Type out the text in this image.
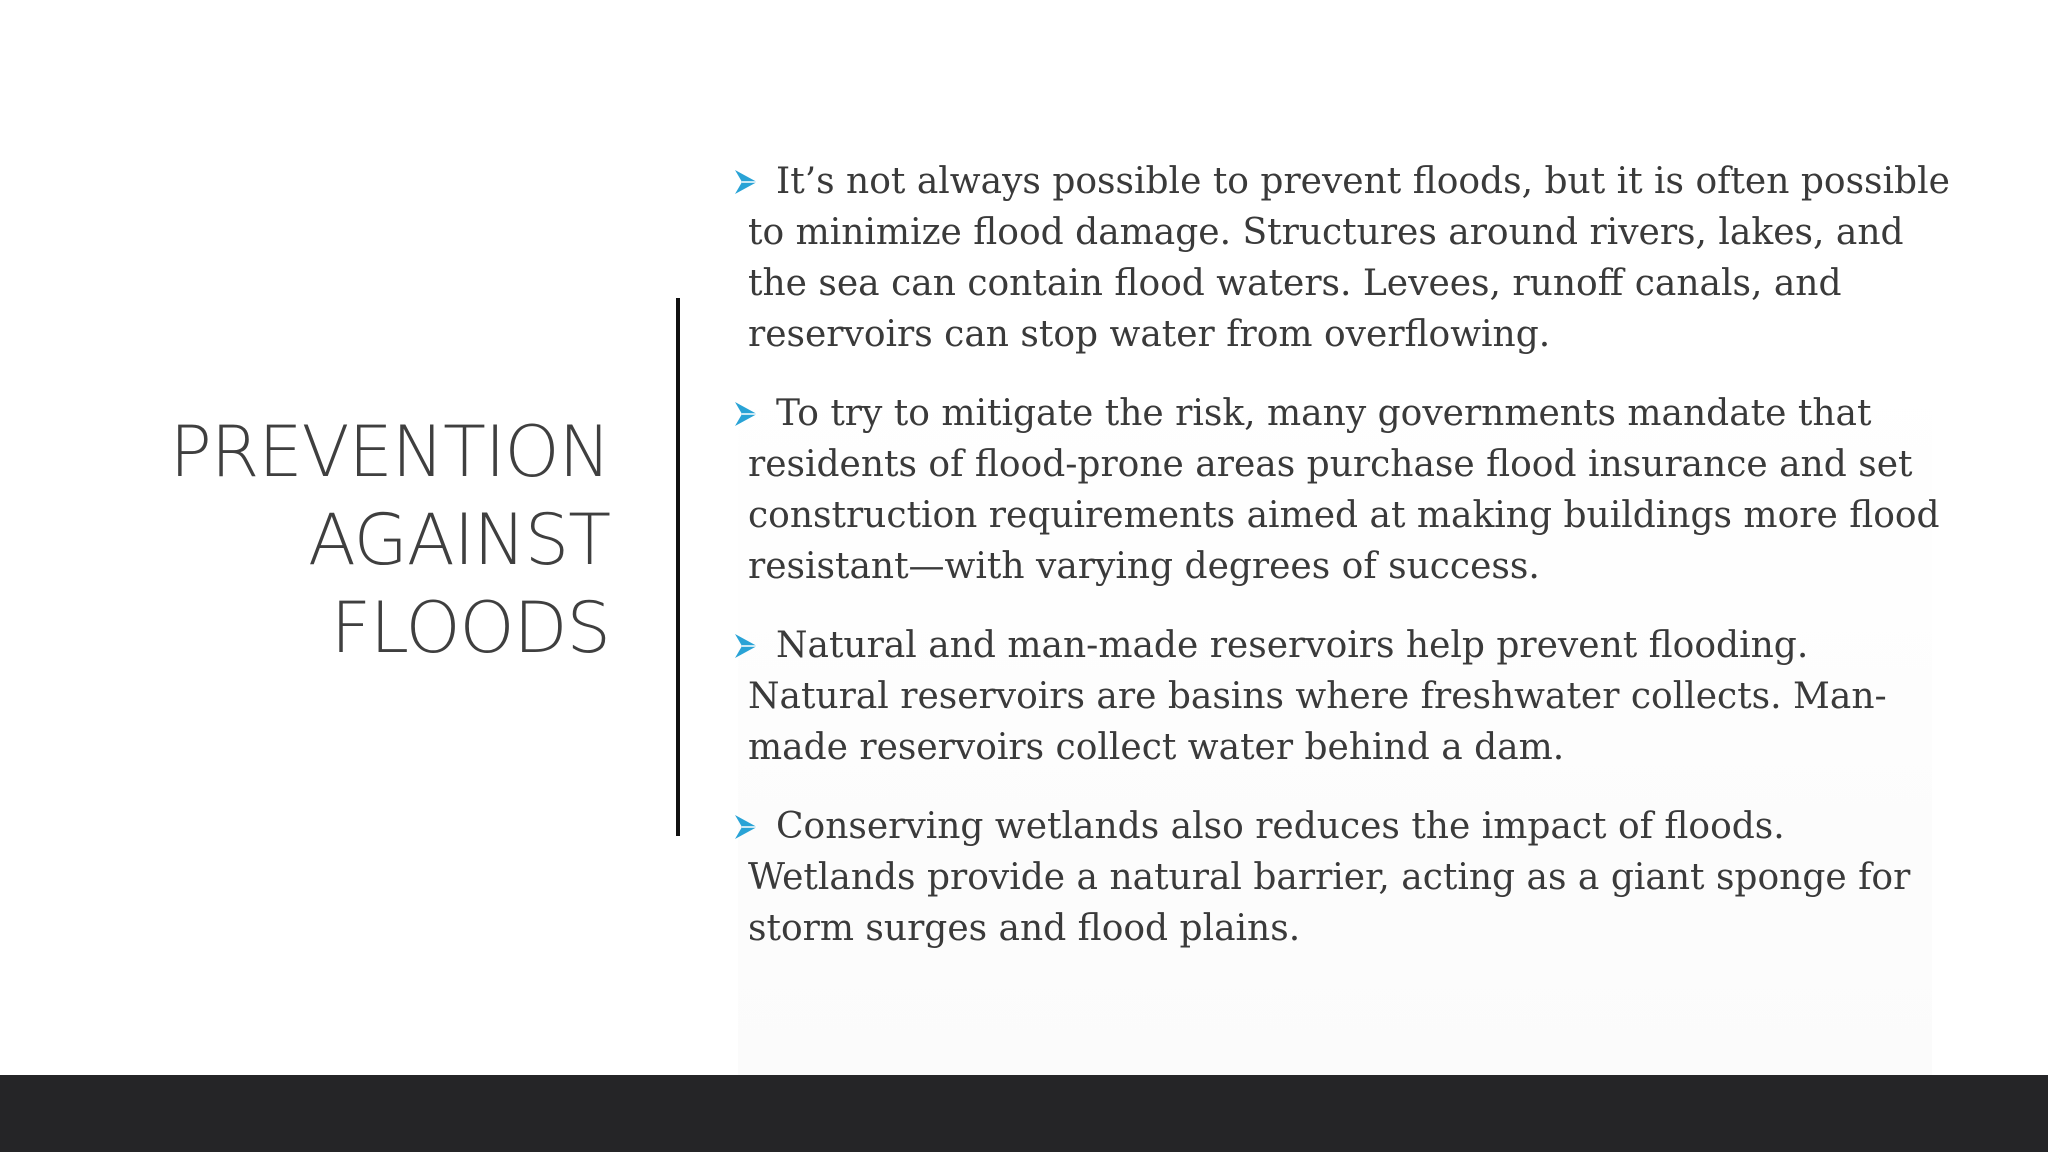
PREVENTION
AGAINST
FLOODS
It’s not always possible to prevent floods, but it is often possible to minimize flood damage. Structures around rivers, lakes, and the sea can contain flood waters. Levees, runoff canals, and reservoirs can stop water from overflowing.
To try to mitigate the risk, many governments mandate that residents of flood-prone areas purchase flood insurance and set construction requirements aimed at making buildings more flood resistant—with varying degrees of success.
Natural and man-made reservoirs help prevent flooding. Natural reservoirs are basins where freshwater collects. Man-made reservoirs collect water behind a dam.
Conserving wetlands also reduces the impact of floods. Wetlands provide a natural barrier, acting as a giant sponge for storm surges and flood plains.
